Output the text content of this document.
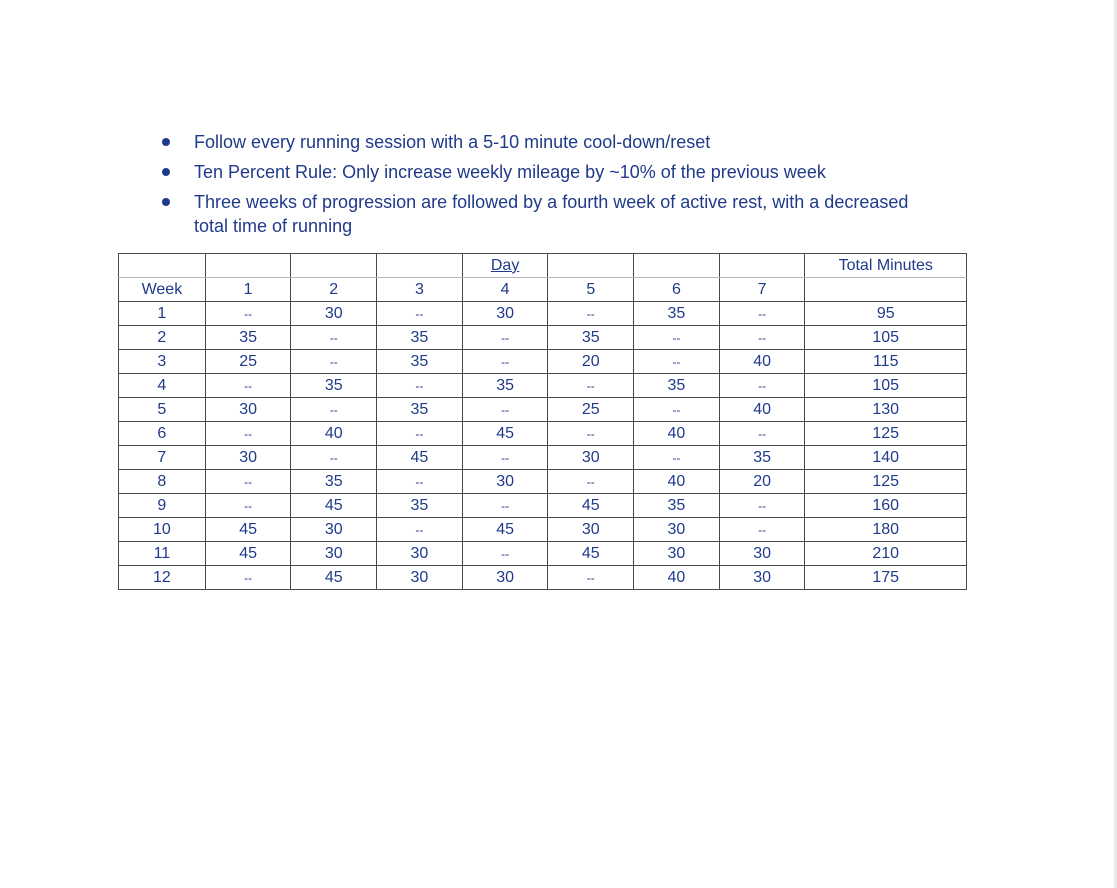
Follow every running session with a 5-10 minute cool-down/reset
Ten Percent Rule: Only increase weekly mileage by ~10% of the previous week
Three weeks of progression are followed by a fourth week of active rest, with a decreased total time of running
				Day				Total Minutes
Week	1	2	3	4	5	6	7	
1	--	30	--	30	--	35	--	95
2	35	--	35	--	35	--	--	105
3	25	--	35	--	20	--	40	115
4	--	35	--	35	--	35	--	105
5	30	--	35	--	25	--	40	130
6	--	40	--	45	--	40	--	125
7	30	--	45	--	30	--	35	140
8	--	35	--	30	--	40	20	125
9	--	45	35	--	45	35	--	160
10	45	30	--	45	30	30	--	180
11	45	30	30	--	45	30	30	210
12	--	45	30	30	--	40	30	175
